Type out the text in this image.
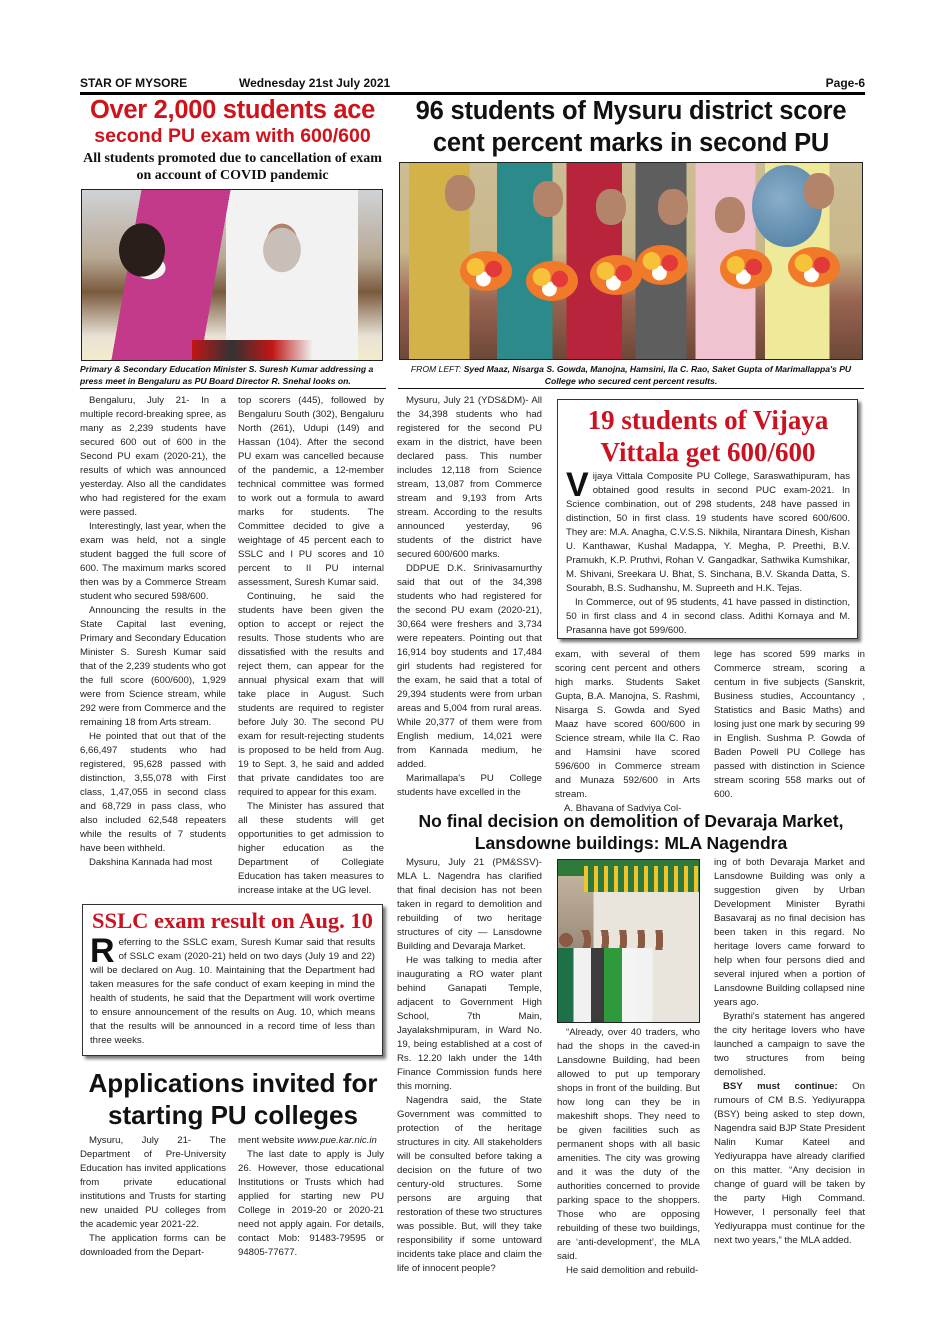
STAR OF MYSORE	Wednesday 21st July 2021	Page-6
Over 2,000 students ace
second PU exam with 600/600
All students promoted due to cancellation of exam on account of COVID pandemic
Primary & Secondary Education Minister S. Suresh Kumar addressing a press meet in Bengaluru as PU Board Director R. Snehal looks on.

Bengaluru, July 21- In a multiple record-breaking spree, as many as 2,239 students have secured 600 out of 600 in the Second PU exam (2020-21), the results of which was announced yesterday. Also all the candidates who had registered for the exam were passed.

Interestingly, last year, when the exam was held, not a single student bagged the full score of 600. The maximum marks scored then was by a Commerce Stream student who secured 598/600.

Announcing the results in the State Capital last evening, Primary and Secondary Education Minister S. Suresh Kumar said that of the 2,239 students who got the full score (600/600), 1,929 were from Science stream, while 292 were from Commerce and the remaining 18 from Arts stream.

He pointed that out that of the 6,66,497 students who had registered, 95,628 passed with distinction, 3,55,078 with First class, 1,47,055 in second class and 68,729 in pass class, who also included 62,548 repeaters while the results of 7 students have been withheld.

Dakshina Kannada had most

top scorers (445), followed by Bengaluru South (302), Bengaluru North (261), Udupi (149) and Hassan (104). After the second PU exam was cancelled because of the pandemic, a 12-member technical committee was formed to work out a formula to award marks for students. The Committee decided to give a weightage of 45 percent each to SSLC and I PU scores and 10 percent to II PU internal assessment, Suresh Kumar said.

Continuing, he said the students have been given the option to accept or reject the results. Those students who are dissatisfied with the results and reject them, can appear for the annual physical exam that will take place in August. Such students are required to register before July 30. The second PU exam for result-rejecting students is proposed to be held from Aug. 19 to Sept. 3, he said and added that private candidates too are required to appear for this exam.

The Minister has assured that all these students will get opportunities to get admission to higher education as the Department of Collegiate Education has taken measures to increase intake at the UG level.

96 students of Mysuru district score cent percent marks in second PU
FROM LEFT: Syed Maaz, Nisarga S. Gowda, Manojna, Hamsini, Ila C. Rao, Saket Gupta of Marimallappa's PU College who secured cent percent results.

Mysuru, July 21 (YDS&DM)- All the 34,398 students who had registered for the second PU exam in the district, have been declared pass. This number includes 12,118 from Science stream, 13,087 from Commerce stream and 9,193 from Arts stream. According to the results announced yesterday, 96 students of the district have secured 600/600 marks.

DDPUE D.K. Srinivasamurthy said that out of the 34,398 students who had registered for the second PU exam (2020-21), 30,664 were freshers and 3,734 were repeaters. Pointing out that 16,914 boy students and 17,484 girl students had registered for the exam, he said that a total of 29,394 students were from urban areas and 5,004 from rural areas. While 20,377 of them were from English medium, 14,021 were from Kannada medium, he added.

Marimallapa's PU College students have excelled in the

19 students of Vijaya Vittala get 600/600

Vijaya Vittala Composite PU College, Saraswathipuram, has obtained good results in second PUC exam-2021. In Science combination, out of 298 students, 248 have passed in distinction, 50 in first class. 19 students have scored 600/600. They are: M.A. Anagha, C.V.S.S. Nikhila, Nirantara Dinesh, Kishan U. Kanthawar, Kushal Madappa, Y. Megha, P. Preethi, B.V. Pramukh, K.P. Pruthvi, Rohan V. Gangadkar, Sathwika Kumshikar, M. Shivani, Sreekara U. Bhat, S. Sinchana, B.V. Skanda Datta, S. Sourabh, B.S. Sudhanshu, M. Supreeth and H.K. Tejas.

In Commerce, out of 95 students, 41 have passed in distinction, 50 in first class and 4 in second class. Adithi Kornaya and M. Prasanna have got 599/600.

exam, with several of them scoring cent percent and others high marks. Students Saket Gupta, B.A. Manojna, S. Rashmi, Nisarga S. Gowda and Syed Maaz have scored 600/600 in Science stream, while Ila C. Rao and Hamsini have scored 596/600 in Commerce stream and Munaza 592/600 in Arts stream.

A. Bhavana of Sadviya Col-

lege has scored 599 marks in Commerce stream, scoring a centum in five subjects (Sanskrit, Business studies, Accountancy , Statistics and Basic Maths) and losing just one mark by securing 99 in English. Sushma P. Gowda of Baden Powell PU College has passed with distinction in Science stream scoring 558 marks out of 600.

SSLC exam result on Aug. 10

Referring to the SSLC exam, Suresh Kumar said that results of SSLC exam (2020-21) held on two days (July 19 and 22) will be declared on Aug. 10. Maintaining that the Department had taken measures for the safe conduct of exam keeping in mind the health of students, he said that the Department will work overtime to ensure announcement of the results on Aug. 10, which means that the results will be announced in a record time of less than three weeks.

No final decision on demolition of Devaraja Market, Lansdowne buildings: MLA Nagendra

Mysuru, July 21 (PM&SSV)- MLA L. Nagendra has clarified that final decision has not been taken in regard to demolition and rebuilding of two heritage structures of city — Lansdowne Building and Devaraja Market.

He was talking to media after inaugurating a RO water plant behind Ganapati Temple, adjacent to Government High School, 7th Main, Jayalakshmipuram, in Ward No. 19, being established at a cost of Rs. 12.20 lakh under the 14th Finance Commission funds here this morning.

Nagendra said, the State Government was committed to protection of the heritage structures in city. All stakeholders will be consulted before taking a decision on the future of two century-old structures. Some persons are arguing that restoration of these two structures was possible. But, will they take responsibility if some untoward incidents take place and claim the life of innocent people?

“Already, over 40 traders, who had the shops in the caved-in Lansdowne Building, had been allowed to put up temporary shops in front of the building. But how long can they be in makeshift shops. They need to be given facilities such as permanent shops with all basic amenities. The city was growing and it was the duty of the authorities concerned to provide parking space to the shoppers. Those who are opposing rebuilding of these two buildings, are ‘anti-development’, the MLA said.

He said demolition and rebuild-

ing of both Devaraja Market and Lansdowne Building was only a suggestion given by Urban Development Minister Byrathi Basavaraj as no final decision has been taken in this regard. No heritage lovers came forward to help when four persons died and several injured when a portion of Lansdowne Building collapsed nine years ago.

Byrathi's statement has angered the city heritage lovers who have launched a campaign to save the two structures from being demolished.

BSY must continue: On rumours of CM B.S. Yediyurappa (BSY) being asked to step down, Nagendra said BJP State President Nalin Kumar Kateel and Yediyurappa have already clarified on this matter. “Any decision in change of guard will be taken by the party High Command. However, I personally feel that Yediyurappa must continue for the next two years,” the MLA added.

Applications invited for starting PU colleges

Mysuru, July 21- The Department of Pre-University Education has invited applications from private educational institutions and Trusts for starting new unaided PU colleges from the academic year 2021-22.

The application forms can be downloaded from the Depart-

ment website www.pue.kar.nic.in

The last date to apply is July 26. However, those educational Institutions or Trusts which had applied for starting new PU College in 2019-20 or 2020-21 need not apply again. For details, contact Mob: 91483-79595 or 94805-77677.
